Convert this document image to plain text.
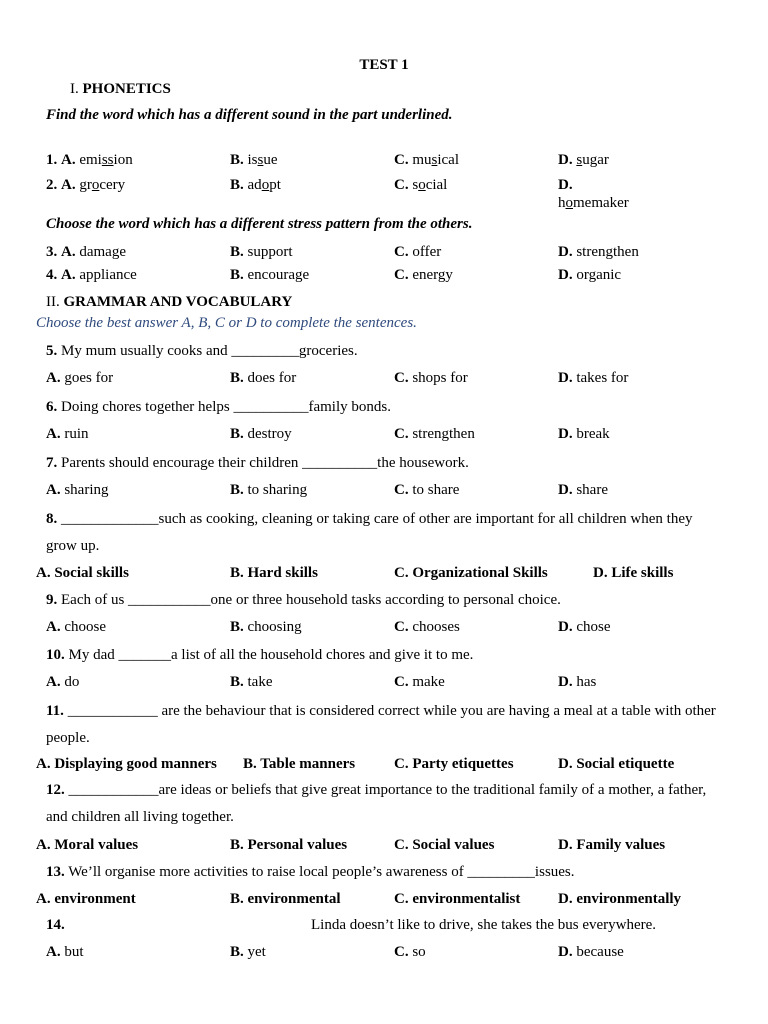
TEST 1
I. PHONETICS
Find the word which has a different sound in the part underlined.
1. A. emission	B. issue	C. musical	D. sugar
2. A. grocery	B. adopt	C. social	D.
homemaker
Choose the word which has a different stress pattern from the others.
3. A. damage	B. support	C. offer	D. strengthen
4. A. appliance	B. encourage	C. energy	D. organic
II. GRAMMAR AND VOCABULARY
Choose the best answer A, B, C or D to complete the sentences.
5. My mum usually cooks and _________groceries.
A. goes for	B. does for	C. shops for	D. takes for
6. Doing chores together helps __________family bonds.
A. ruin	B. destroy	C. strengthen	D. break
7. Parents should encourage their children __________the housework.
A. sharing	B. to sharing	C. to share	D. share
8. _____________such as cooking, cleaning or taking care of other are important for all children when they grow up.
A. Social skills	B. Hard skills	C. Organizational Skills	D. Life skills
9. Each of us ___________one or three household tasks according to personal choice.
A. choose	B. choosing	C. chooses	D. chose
10. My dad _______a list of all the household chores and give it to me.
A. do	B. take	C. make	D. has
11. ____________ are the behaviour that is considered correct while you are having a meal at a table with other people.
A. Displaying good manners B. Table manners	C. Party etiquettes	D. Social etiquette
12. ____________are ideas or beliefs that give great importance to the traditional family of a mother, a father, and children all living together.
A. Moral values	B. Personal values	C. Social values	D. Family values
13. We’ll organise more activities to raise local people’s awareness of _________issues.
A. environment	B. environmental	C. environmentalist	D. environmentally
14.	Linda doesn’t like to drive, she takes the bus everywhere.
A. but	B. yet	C. so	D. because
